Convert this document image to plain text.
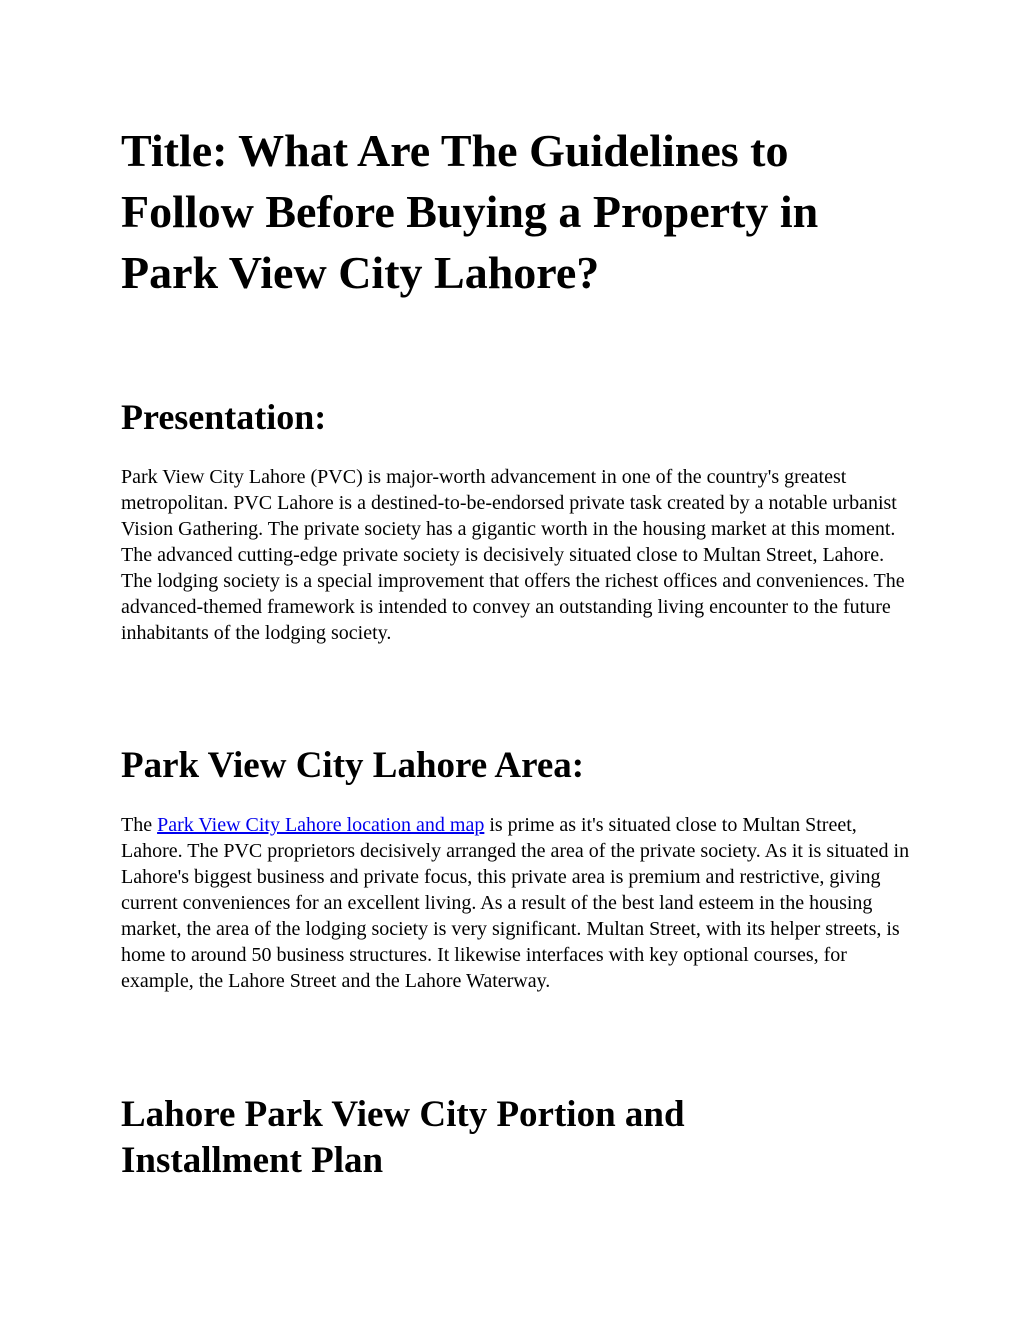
Title: What Are The Guidelines to Follow Before Buying a Property in Park View City Lahore?
Presentation:

Park View City Lahore (PVC) is major-worth advancement in one of the country's greatest metropolitan. PVC Lahore is a destined-to-be-endorsed private task created by a notable urbanist Vision Gathering. The private society has a gigantic worth in the housing market at this moment. The advanced cutting-edge private society is decisively situated close to Multan Street, Lahore. The lodging society is a special improvement that offers the richest offices and conveniences. The advanced-themed framework is intended to convey an outstanding living encounter to the future inhabitants of the lodging society.

Park View City Lahore Area:

The Park View City Lahore location and map is prime as it's situated close to Multan Street, Lahore. The PVC proprietors decisively arranged the area of the private society. As it is situated in Lahore's biggest business and private focus, this private area is premium and restrictive, giving current conveniences for an excellent living. As a result of the best land esteem in the housing market, the area of the lodging society is very significant. Multan Street, with its helper streets, is home to around 50 business structures. It likewise interfaces with key optional courses, for example, the Lahore Street and the Lahore Waterway.

Lahore Park View City Portion and Installment Plan
